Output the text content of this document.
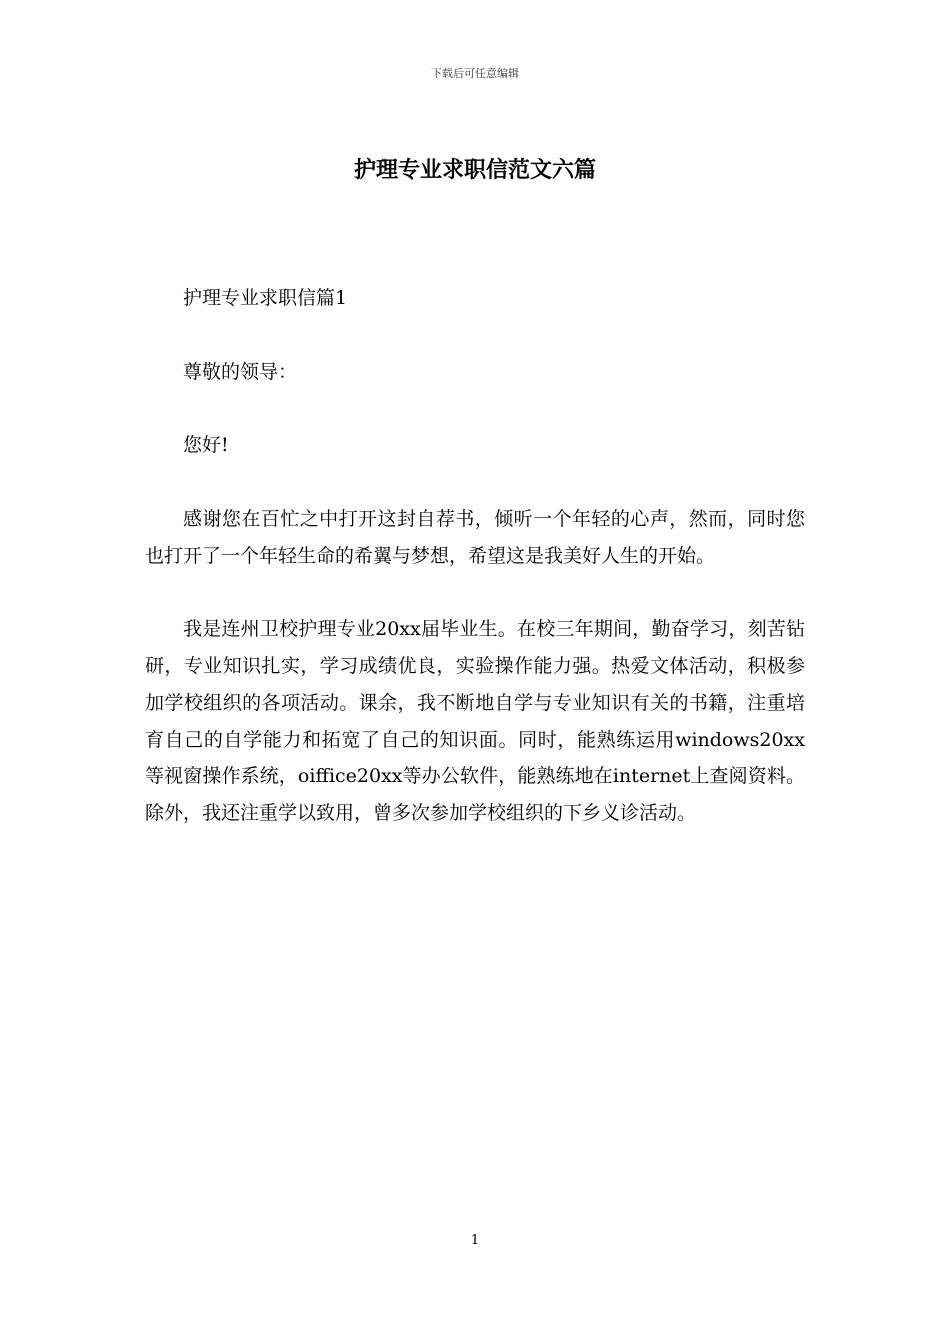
下载后可任意编辑
护理专业求职信范文六篇

护理专业求职信篇1

尊敬的领导：

您好!

感谢您在百忙之中打开这封自荐书，倾听一个年轻的心声，然而，同时您也打开了一个年轻生命的希翼与梦想，希望这是我美好人生的开始。

我是连州卫校护理专业20xx届毕业生。在校三年期间，勤奋学习，刻苦钻研，专业知识扎实，学习成绩优良，实验操作能力强。热爱文体活动，积极参加学校组织的各项活动。课余，我不断地自学与专业知识有关的书籍，注重培育自己的自学能力和拓宽了自己的知识面。同时，能熟练运用windows20xx等视窗操作系统，oiffice20xx等办公软件，能熟练地在internet上查阅资料。除外，我还注重学以致用，曾多次参加学校组织的下乡义诊活动。

1
